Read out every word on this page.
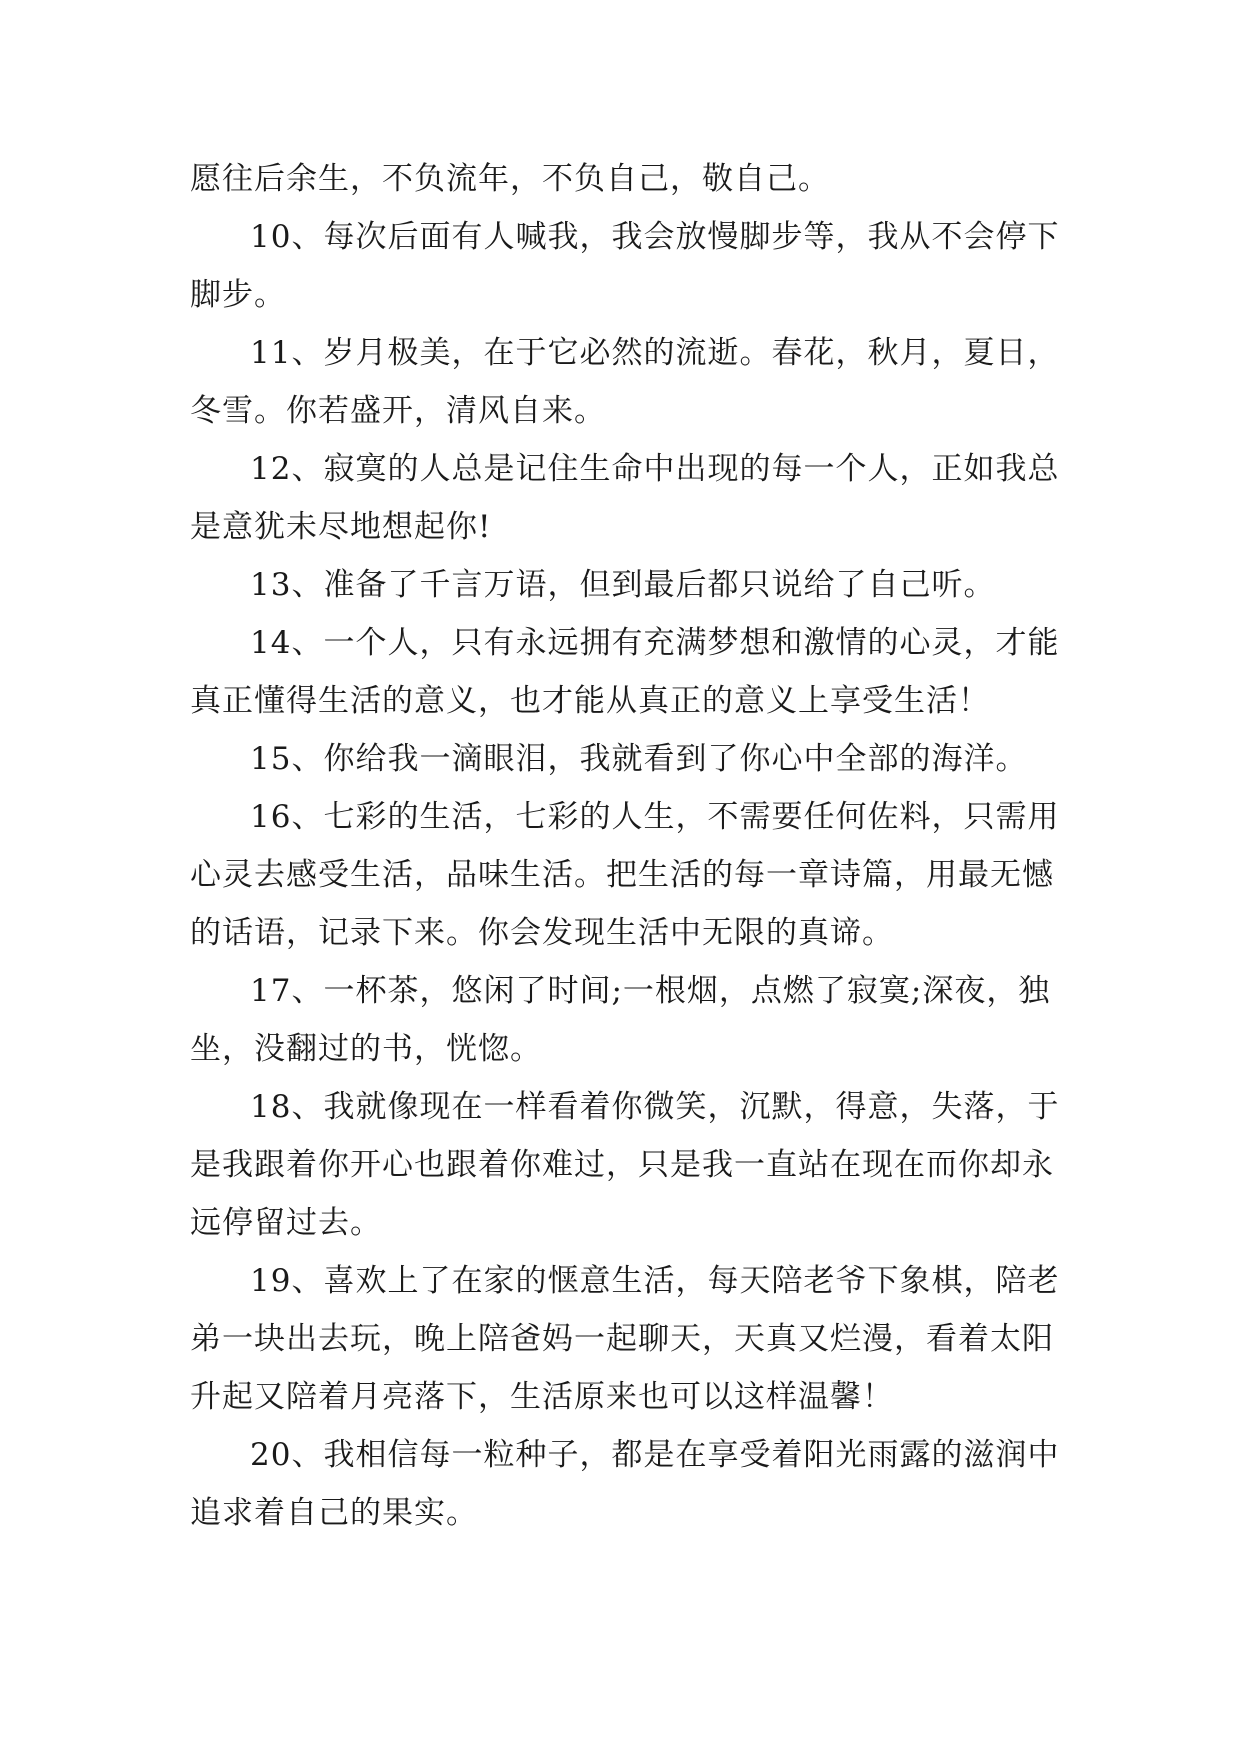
愿往后余生，不负流年，不负自己，敬自己。

10、每次后面有人喊我，我会放慢脚步等，我从不会停下脚步。

11、岁月极美，在于它必然的流逝。春花，秋月，夏日，冬雪。你若盛开，清风自来。

12、寂寞的人总是记住生命中出现的每一个人，正如我总是意犹未尽地想起你!

13、准备了千言万语，但到最后都只说给了自己听。

14、一个人，只有永远拥有充满梦想和激情的心灵，才能真正懂得生活的意义，也才能从真正的意义上享受生活！

15、你给我一滴眼泪，我就看到了你心中全部的海洋。

16、七彩的生活，七彩的人生，不需要任何佐料，只需用心灵去感受生活，品味生活。把生活的每一章诗篇，用最无憾的话语，记录下来。你会发现生活中无限的真谛。

17、一杯茶，悠闲了时间;一根烟，点燃了寂寞;深夜，独坐，没翻过的书，恍惚。

18、我就像现在一样看着你微笑，沉默，得意，失落，于是我跟着你开心也跟着你难过，只是我一直站在现在而你却永远停留过去。

19、喜欢上了在家的惬意生活，每天陪老爷下象棋，陪老弟一块出去玩，晚上陪爸妈一起聊天，天真又烂漫，看着太阳升起又陪着月亮落下，生活原来也可以这样温馨！

20、我相信每一粒种子，都是在享受着阳光雨露的滋润中追求着自己的果实。
